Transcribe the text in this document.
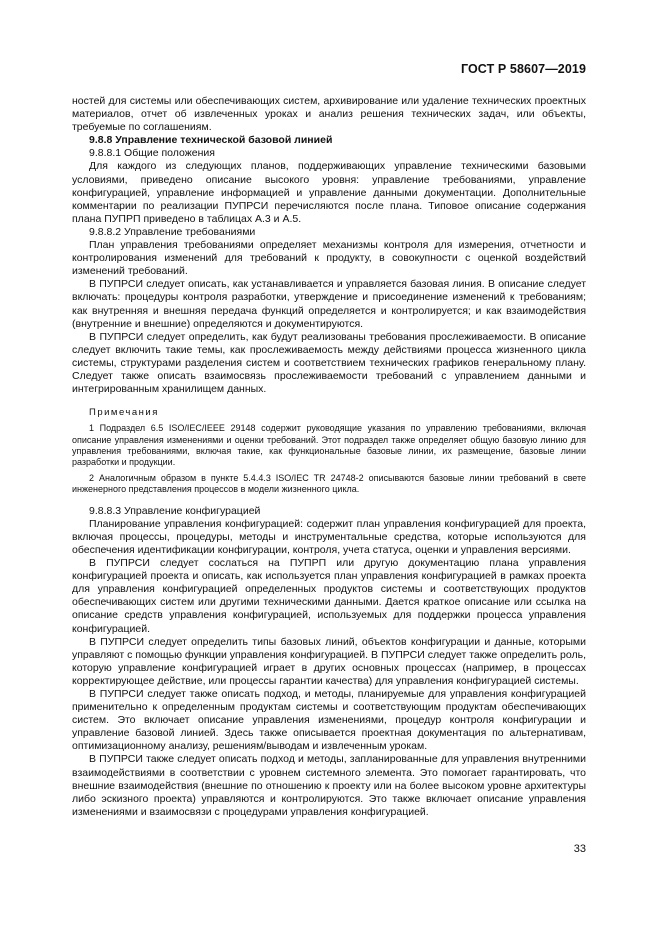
ГОСТ Р 58607—2019

ностей для системы или обеспечивающих систем, архивирование или удаление технических проектных материалов, отчет об извлеченных уроках и анализ решения технических задач, или объекты, требуемые по соглашениям.

9.8.8 Управление технической базовой линией

9.8.8.1 Общие положения

Для каждого из следующих планов, поддерживающих управление техническими базовыми условиями, приведено описание высокого уровня: управление требованиями, управление конфигурацией, управление информацией и управление данными документации. Дополнительные комментарии по реализации ПУПРСИ перечисляются после плана. Типовое описание содержания плана ПУПРП приведено в таблицах А.3 и А.5.

9.8.8.2 Управление требованиями

План управления требованиями определяет механизмы контроля для измерения, отчетности и контролирования изменений для требований к продукту, в совокупности с оценкой воздействий изменений требований.

В ПУПРСИ следует описать, как устанавливается и управляется базовая линия. В описание следует включать: процедуры контроля разработки, утверждение и присоединение изменений к требованиям; как внутренняя и внешняя передача функций определяется и контролируется; и как взаимодействия (внутренние и внешние) определяются и документируются.

В ПУПРСИ следует определить, как будут реализованы требования прослеживаемости. В описание следует включить такие темы, как прослеживаемость между действиями процесса жизненного цикла системы, структурами разделения систем и соответствием технических графиков генеральному плану. Следует также описать взаимосвязь прослеживаемости требований с управлением данными и интегрированным хранилищем данных.

Примечания

1 Подраздел 6.5 ISO/IEC/IEEE 29148 содержит руководящие указания по управлению требованиями, включая описание управления изменениями и оценки требований. Этот подраздел также определяет общую базовую линию для управления требованиями, включая такие, как функциональные базовые линии, их размещение, базовые линии разработки и продукции.

2 Аналогичным образом в пункте 5.4.4.3 ISO/IEC TR 24748-2 описываются базовые линии требований в свете инженерного представления процессов в модели жизненного цикла.

9.8.8.3 Управление конфигурацией

Планирование управления конфигурацией: содержит план управления конфигурацией для проекта, включая процессы, процедуры, методы и инструментальные средства, которые используются для обеспечения идентификации конфигурации, контроля, учета статуса, оценки и управления версиями.

В ПУПРСИ следует сослаться на ПУПРП или другую документацию плана управления конфигурацией проекта и описать, как используется план управления конфигурацией в рамках проекта для управления конфигурацией определенных продуктов системы и соответствующих продуктов обеспечивающих систем или другими техническими данными. Дается краткое описание или ссылка на описание средств управления конфигурацией, используемых для поддержки процесса управления конфигурацией.

В ПУПРСИ следует определить типы базовых линий, объектов конфигурации и данные, которыми управляют с помощью функции управления конфигурацией. В ПУПРСИ следует также определить роль, которую управление конфигурацией играет в других основных процессах (например, в процессах корректирующее действие, или процессы гарантии качества) для управления конфигурацией системы.

В ПУПРСИ следует также описать подход, и методы, планируемые для управления конфигурацией применительно к определенным продуктам системы и соответствующим продуктам обеспечивающих систем. Это включает описание управления изменениями, процедур контроля конфигурации и управление базовой линией. Здесь также описывается проектная документация по альтернативам, оптимизационному анализу, решениям/выводам и извлеченным урокам.

В ПУПРСИ также следует описать подход и методы, запланированные для управления внутренними взаимодействиями в соответствии с уровнем системного элемента. Это помогает гарантировать, что внешние взаимодействия (внешние по отношению к проекту или на более высоком уровне архитектуры либо эскизного проекта) управляются и контролируются. Это также включает описание управления изменениями и взаимосвязи с процедурами управления конфигурацией.

33
